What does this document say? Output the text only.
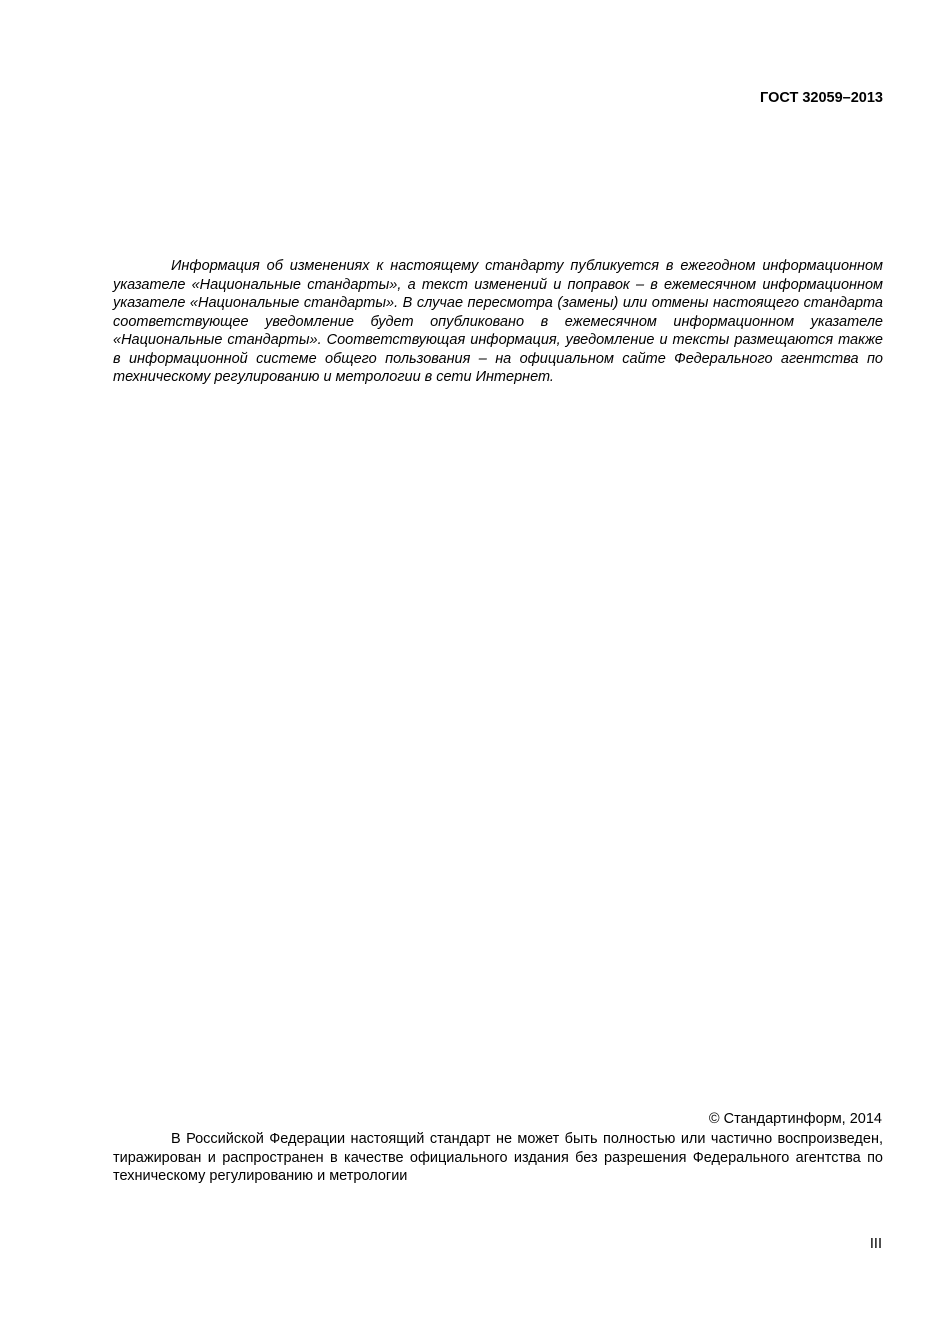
ГОСТ 32059–2013

Информация об изменениях к настоящему стандарту публикуется в ежегодном информационном указателе «Национальные стандарты», а текст изменений и поправок – в ежемесячном информационном указателе «Национальные стандарты». В случае пересмотра (замены) или отмены настоящего стандарта соответствующее уведомление будет опубликовано в ежемесячном информационном указателе «Национальные стандарты». Соответствующая информация, уведомление и тексты размещаются также в информационной системе общего пользования – на официальном сайте Федерального агентства по техническому регулированию и метрологии в сети Интернет.

© Стандартинформ, 2014

В Российской Федерации настоящий стандарт не может быть полностью или частично воспроизведен, тиражирован и распространен в качестве официального издания без разрешения Федерального агентства по техническому регулированию и метрологии

III
